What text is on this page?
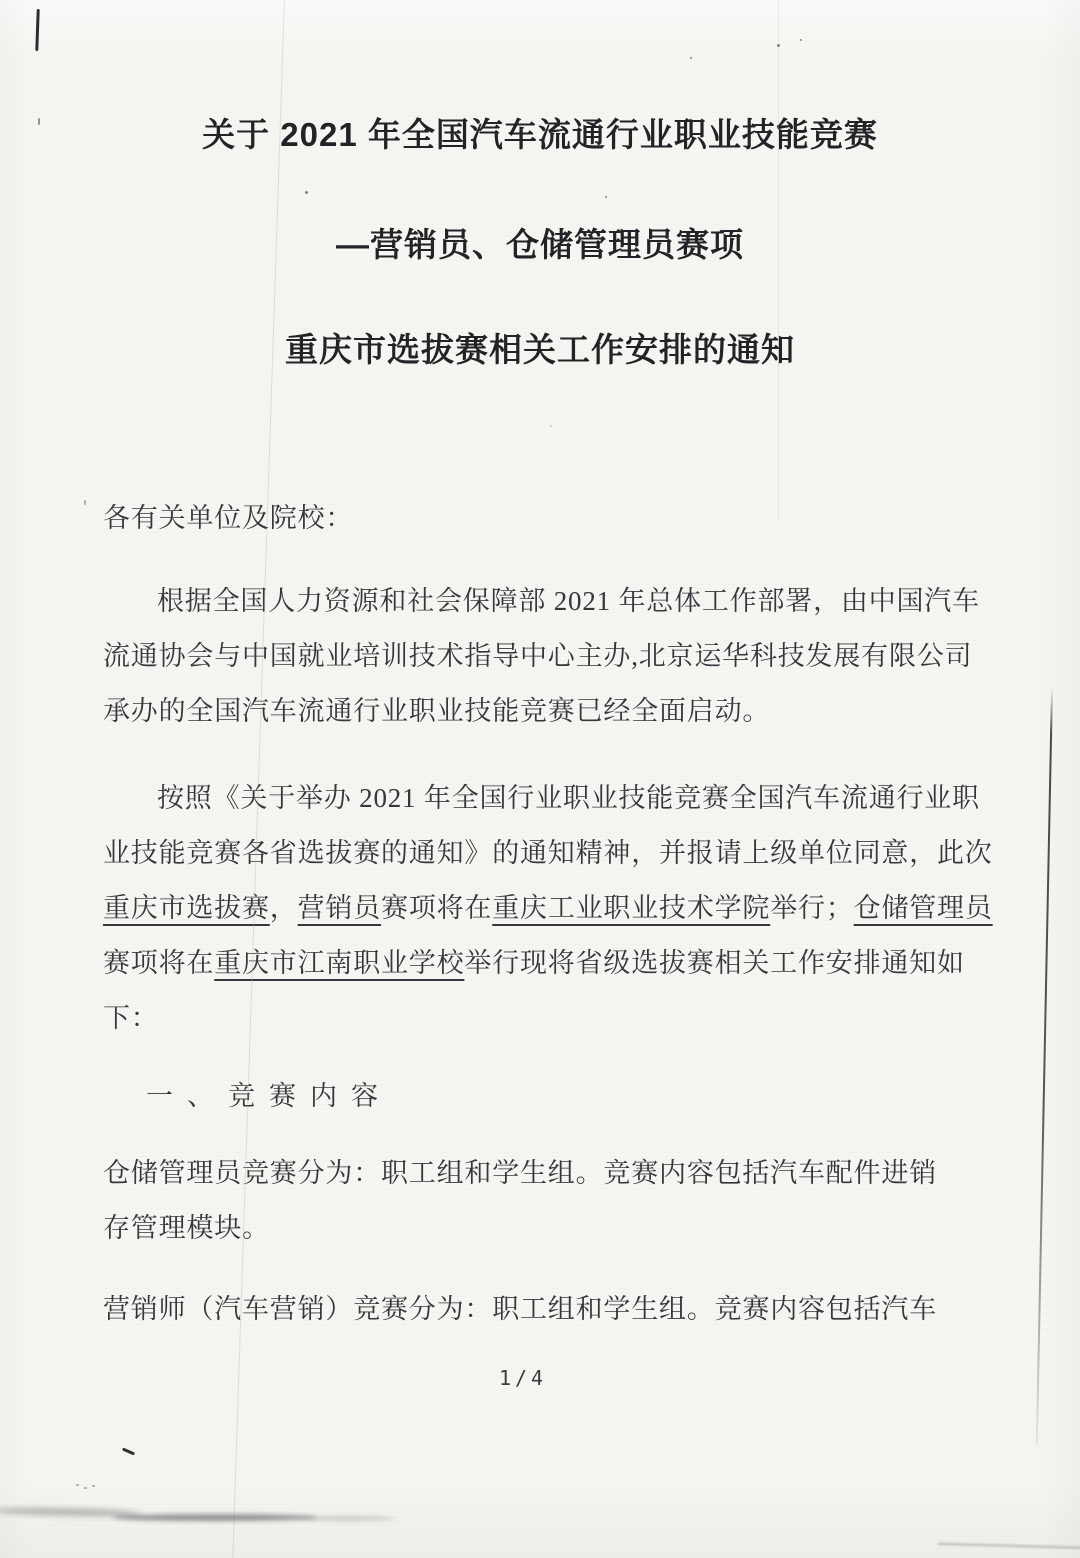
关于 2021 年全国汽车流通行业职业技能竞赛
—营销员、仓储管理员赛项
重庆市选拔赛相关工作安排的通知
各有关单位及院校：
根据全国人力资源和社会保障部 2021 年总体工作部署，由中国汽车
流通协会与中国就业培训技术指导中心主办,北京运华科技发展有限公司
承办的全国汽车流通行业职业技能竞赛已经全面启动。
按照《关于举办 2021 年全国行业职业技能竞赛全国汽车流通行业职
业技能竞赛各省选拔赛的通知》的通知精神，并报请上级单位同意，此次
重庆市选拔赛，营销员赛项将在重庆工业职业技术学院举行；仓储管理员
赛项将在重庆市江南职业学校举行现将省级选拔赛相关工作安排通知如
下：
一、竞赛内容
仓储管理员竞赛分为：职工组和学生组。竞赛内容包括汽车配件进销
存管理模块。
营销师（汽车营销）竞赛分为：职工组和学生组。竞赛内容包括汽车
1/4
